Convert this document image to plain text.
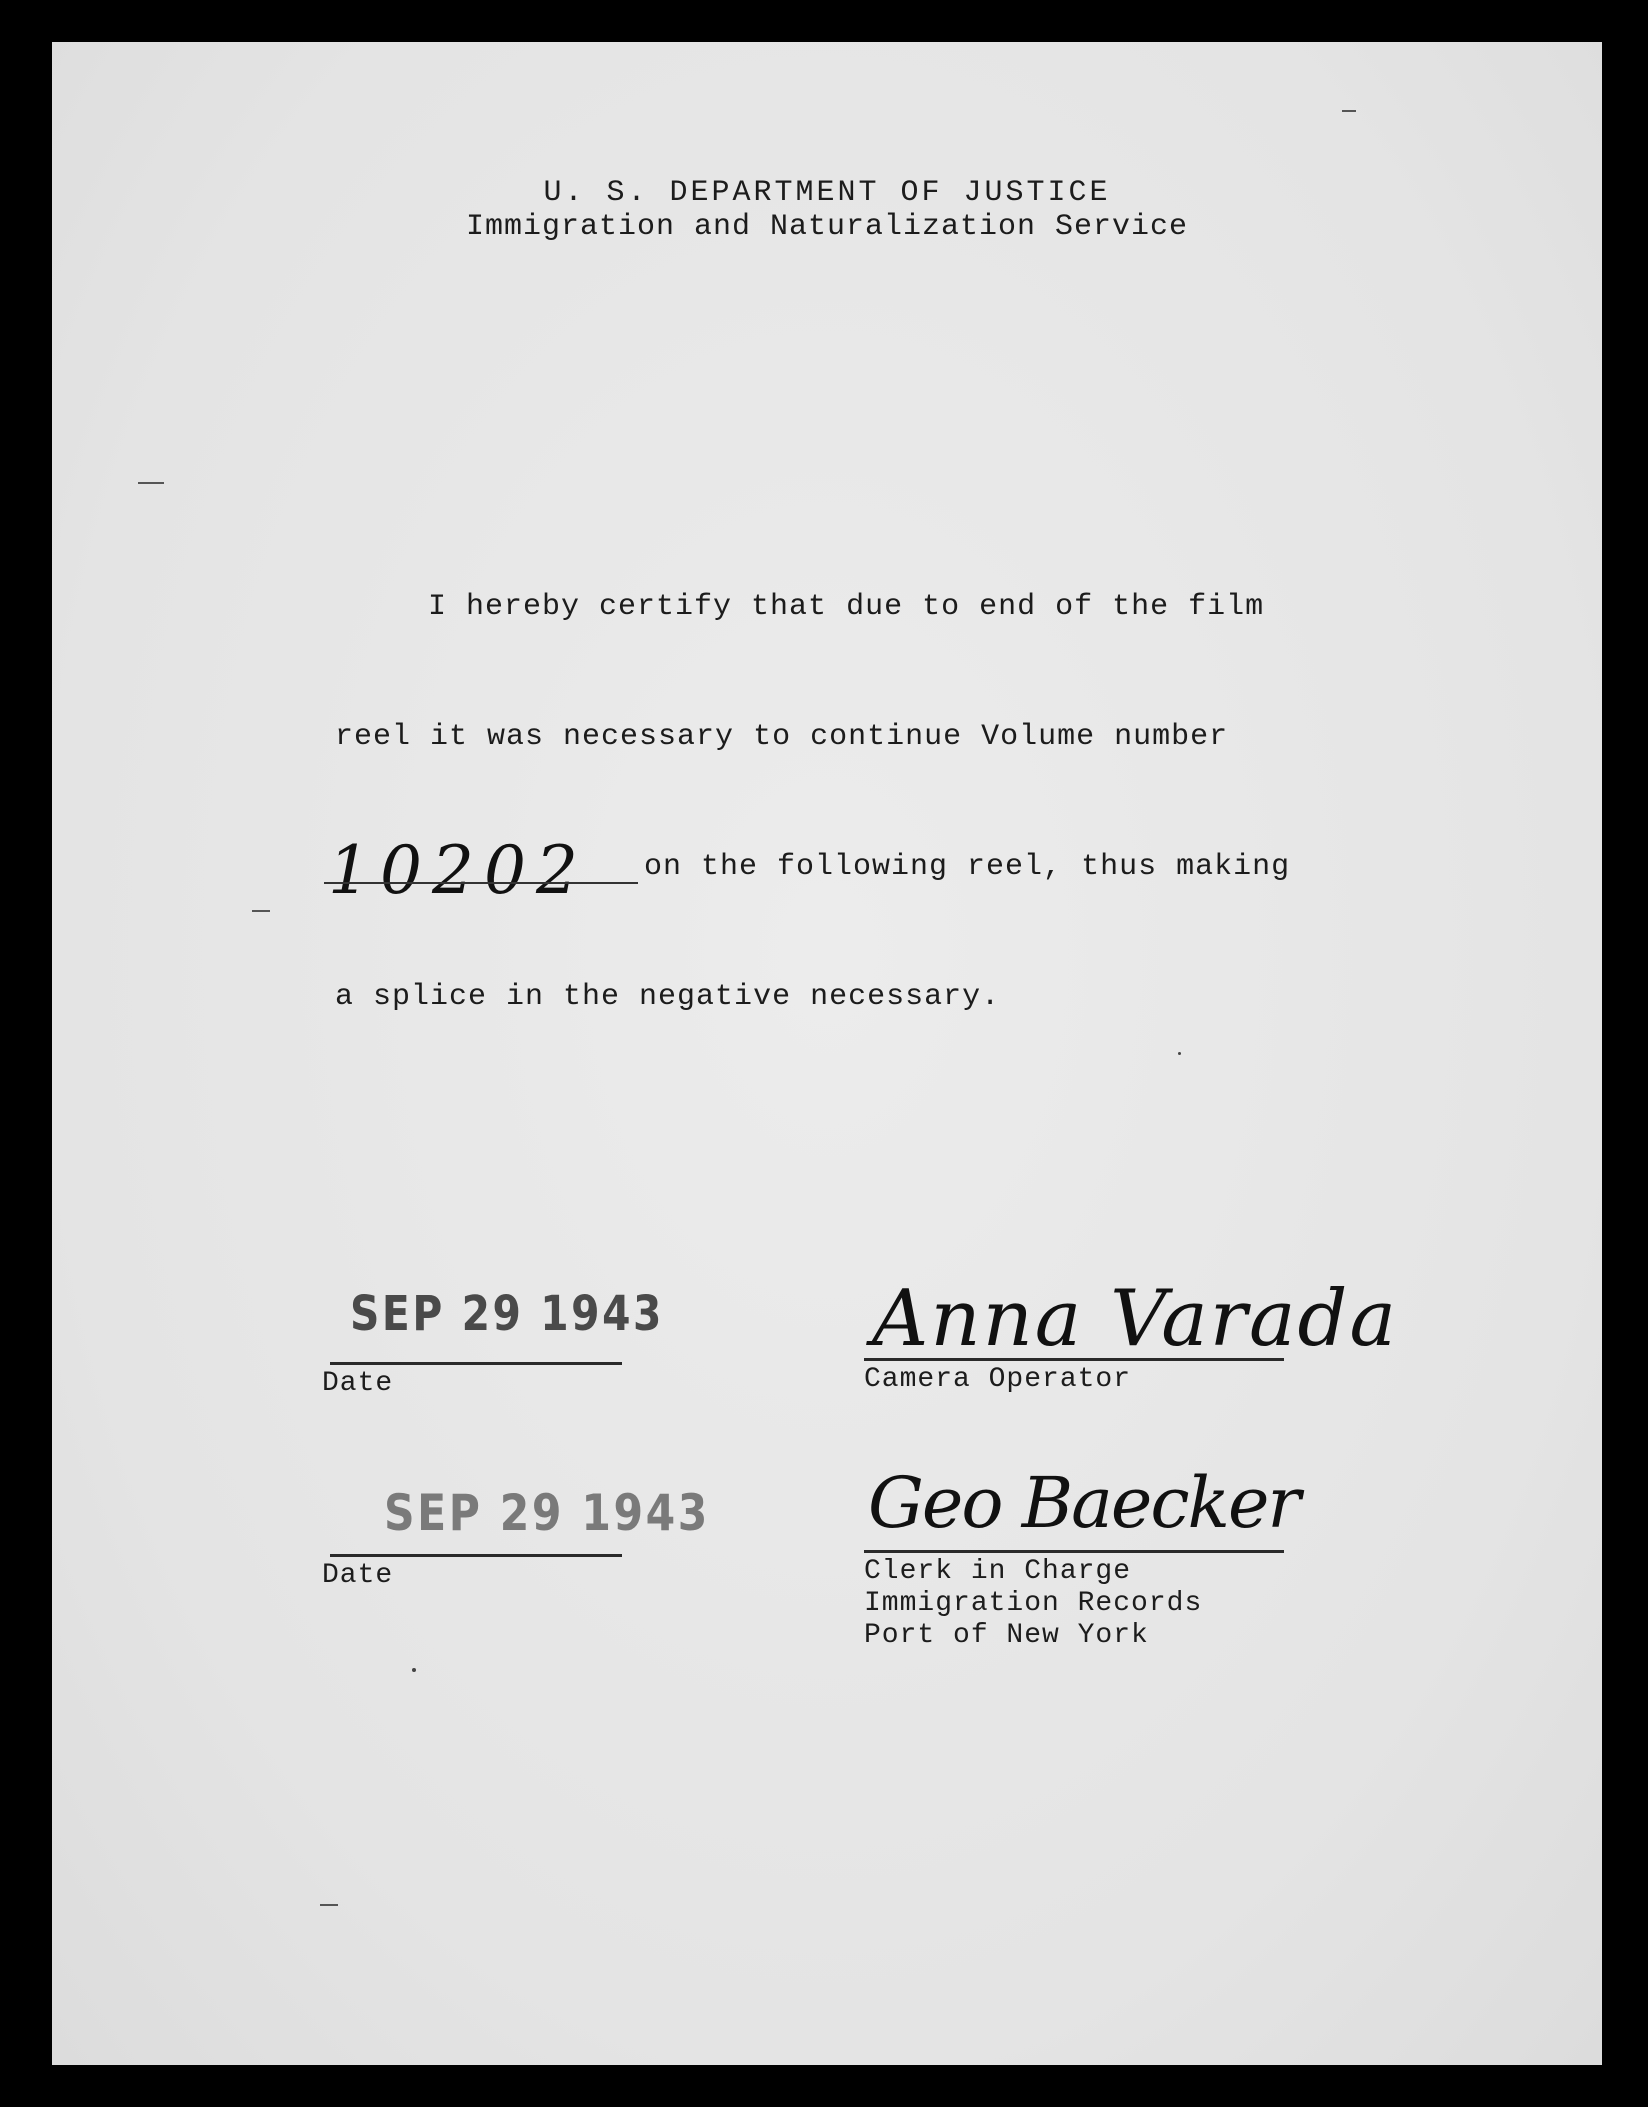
U. S. DEPARTMENT OF JUSTICE
Immigration and Naturalization Service
I hereby certify that due to end of the film
reel it was necessary to continue Volume number
10202 on the following reel, thus making
a splice in the negative necessary.
SEP 29 1943
Date
Anna Varada
Camera Operator
SEP 29 1943
Date
Geo Baecker
Clerk in Charge
Immigration Records
Port of New York
